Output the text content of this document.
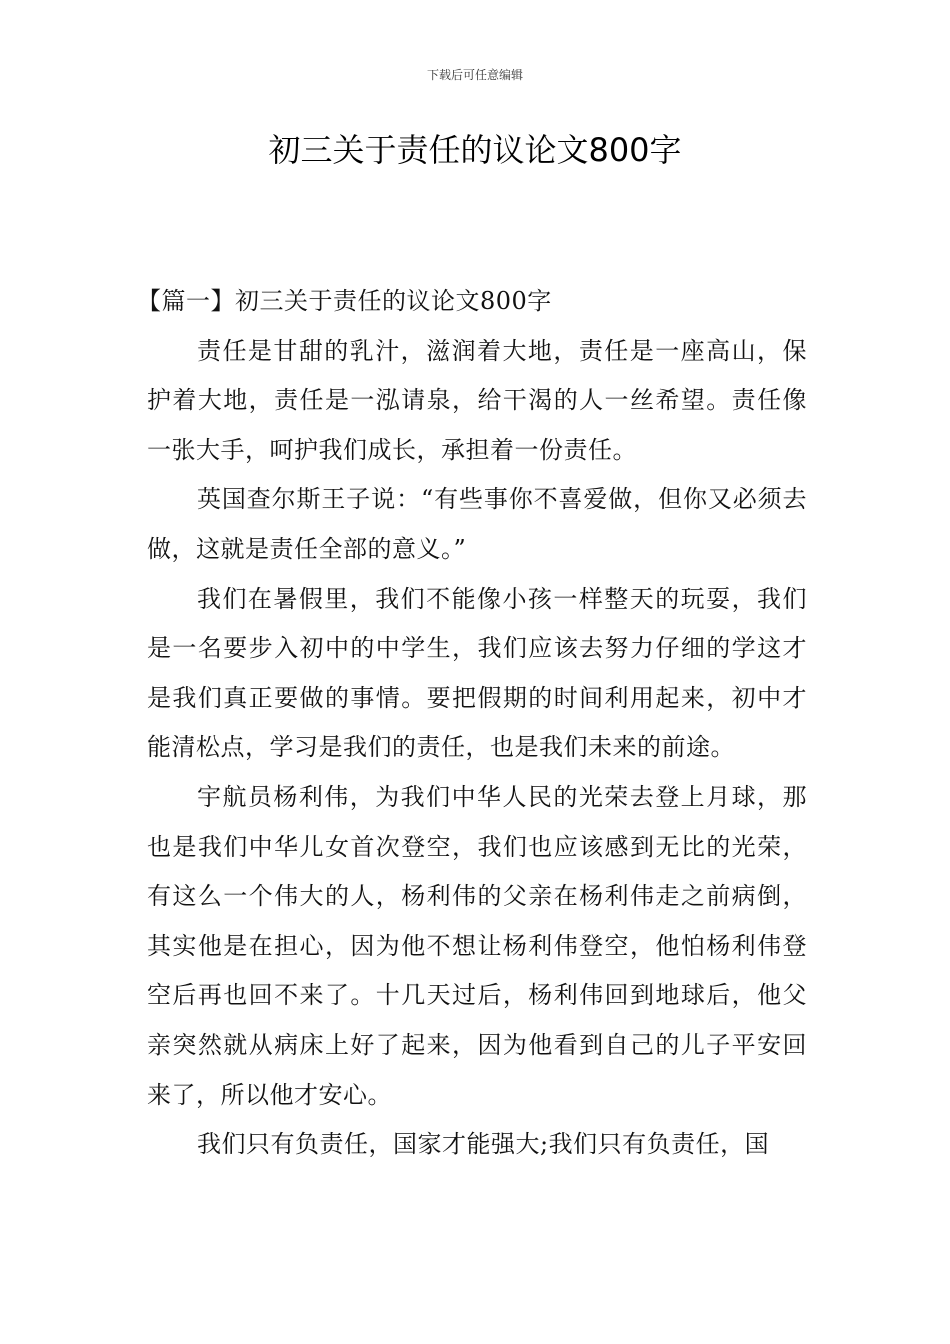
下载后可任意编辑
初三关于责任的议论文800字

【篇一】初三关于责任的议论文800字

责任是甘甜的乳汁，滋润着大地，责任是一座高山，保护着大地，责任是一泓请泉，给干渴的人一丝希望。责任像一张大手，呵护我们成长，承担着一份责任。

英国查尔斯王子说：“有些事你不喜爱做，但你又必须去做，这就是责任全部的意义。”

我们在暑假里，我们不能像小孩一样整天的玩耍，我们是一名要步入初中的中学生，我们应该去努力仔细的学这才是我们真正要做的事情。要把假期的时间利用起来，初中才能清松点，学习是我们的责任，也是我们未来的前途。

宇航员杨利伟，为我们中华人民的光荣去登上月球，那也是我们中华儿女首次登空，我们也应该感到无比的光荣，有这么一个伟大的人，杨利伟的父亲在杨利伟走之前病倒，其实他是在担心，因为他不想让杨利伟登空，他怕杨利伟登空后再也回不来了。十几天过后，杨利伟回到地球后，他父亲突然就从病床上好了起来，因为他看到自己的儿子平安回来了，所以他才安心。

我们只有负责任，国家才能强大;我们只有负责任，国
